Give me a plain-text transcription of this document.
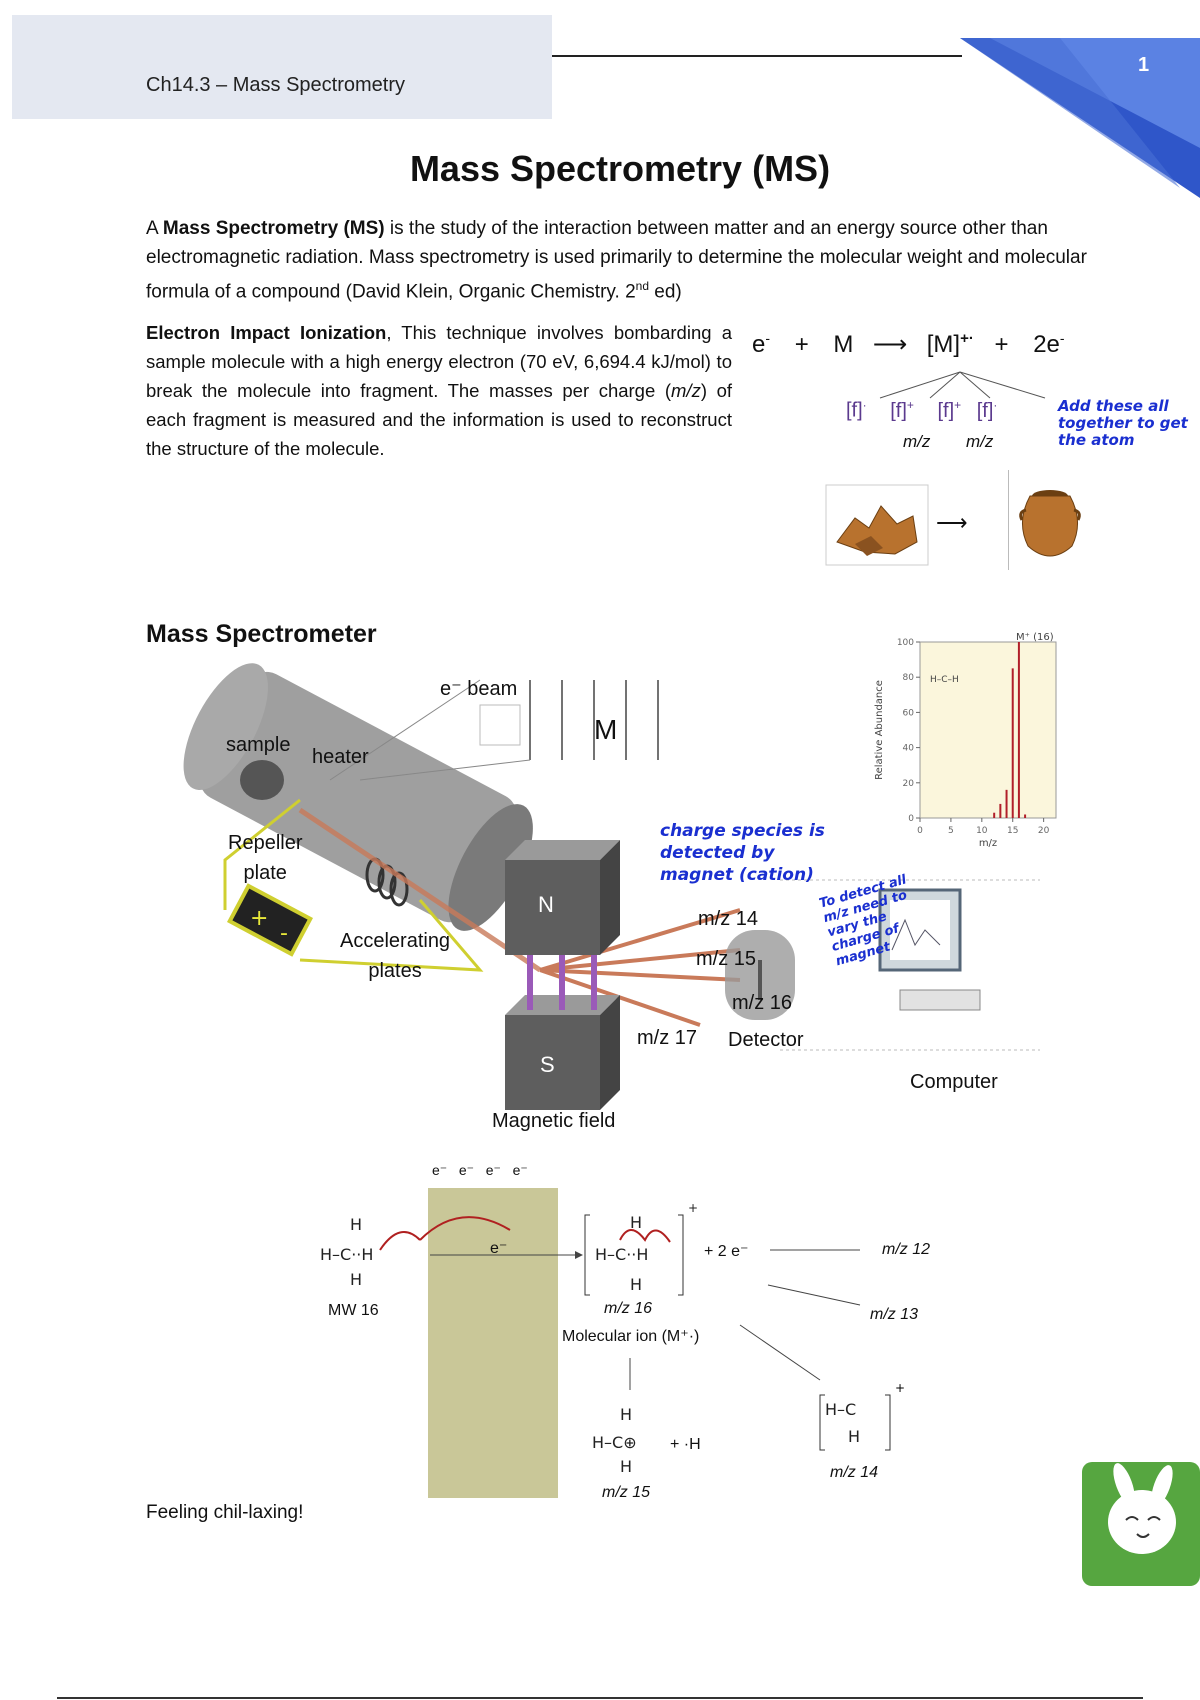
Ch14.3 – Mass Spectrometry
1
Mass Spectrometry (MS)
A Mass Spectrometry (MS) is the study of the interaction between matter and an energy source other than electromagnetic radiation. Mass spectrometry is used primarily to determine the molecular weight and molecular formula of a compound (David Klein, Organic Chemistry. 2nd ed)
Electron Impact Ionization, This technique involves bombarding a sample molecule with a high energy electron (70 eV, 6,694.4 kJ/mol) to break the molecule into fragment. The masses per charge (m/z) of each fragment is measured and the information is used to reconstruct the structure of the molecule.
e- + M ⟶ [M]+· + 2e-
[f]· [f]+ [f]+ [f]·
m/z m/z
Add these all together to get the atom
⟶
Mass Spectrometer
+
-
sample
heater
e⁻ beam
M
Repeller
plate
Accelerating
plates
N
S
Magnetic field
m/z 14
m/z 15
m/z 16
m/z 17 Detector
Computer
charge species is detected by magnet (cation) To detect all m/z need to vary the charge of magnet
0
20
40
60
80
100
0	5 10 15 20
M⁺ (16)
m/z
Relative Abundance
H–C–H
e⁻ e⁻ e⁻ e⁻
H
H–C··H
H
H
H–C··H
H
+
H
H–C⊕
H
H–C
H
+
MW 16
e⁻
m/z 16
Molecular ion (M⁺·)
+ 2 e⁻	m/z 12
m/z 13
m/z 14
m/z 15
+ ·H
Feeling chil-laxing!
